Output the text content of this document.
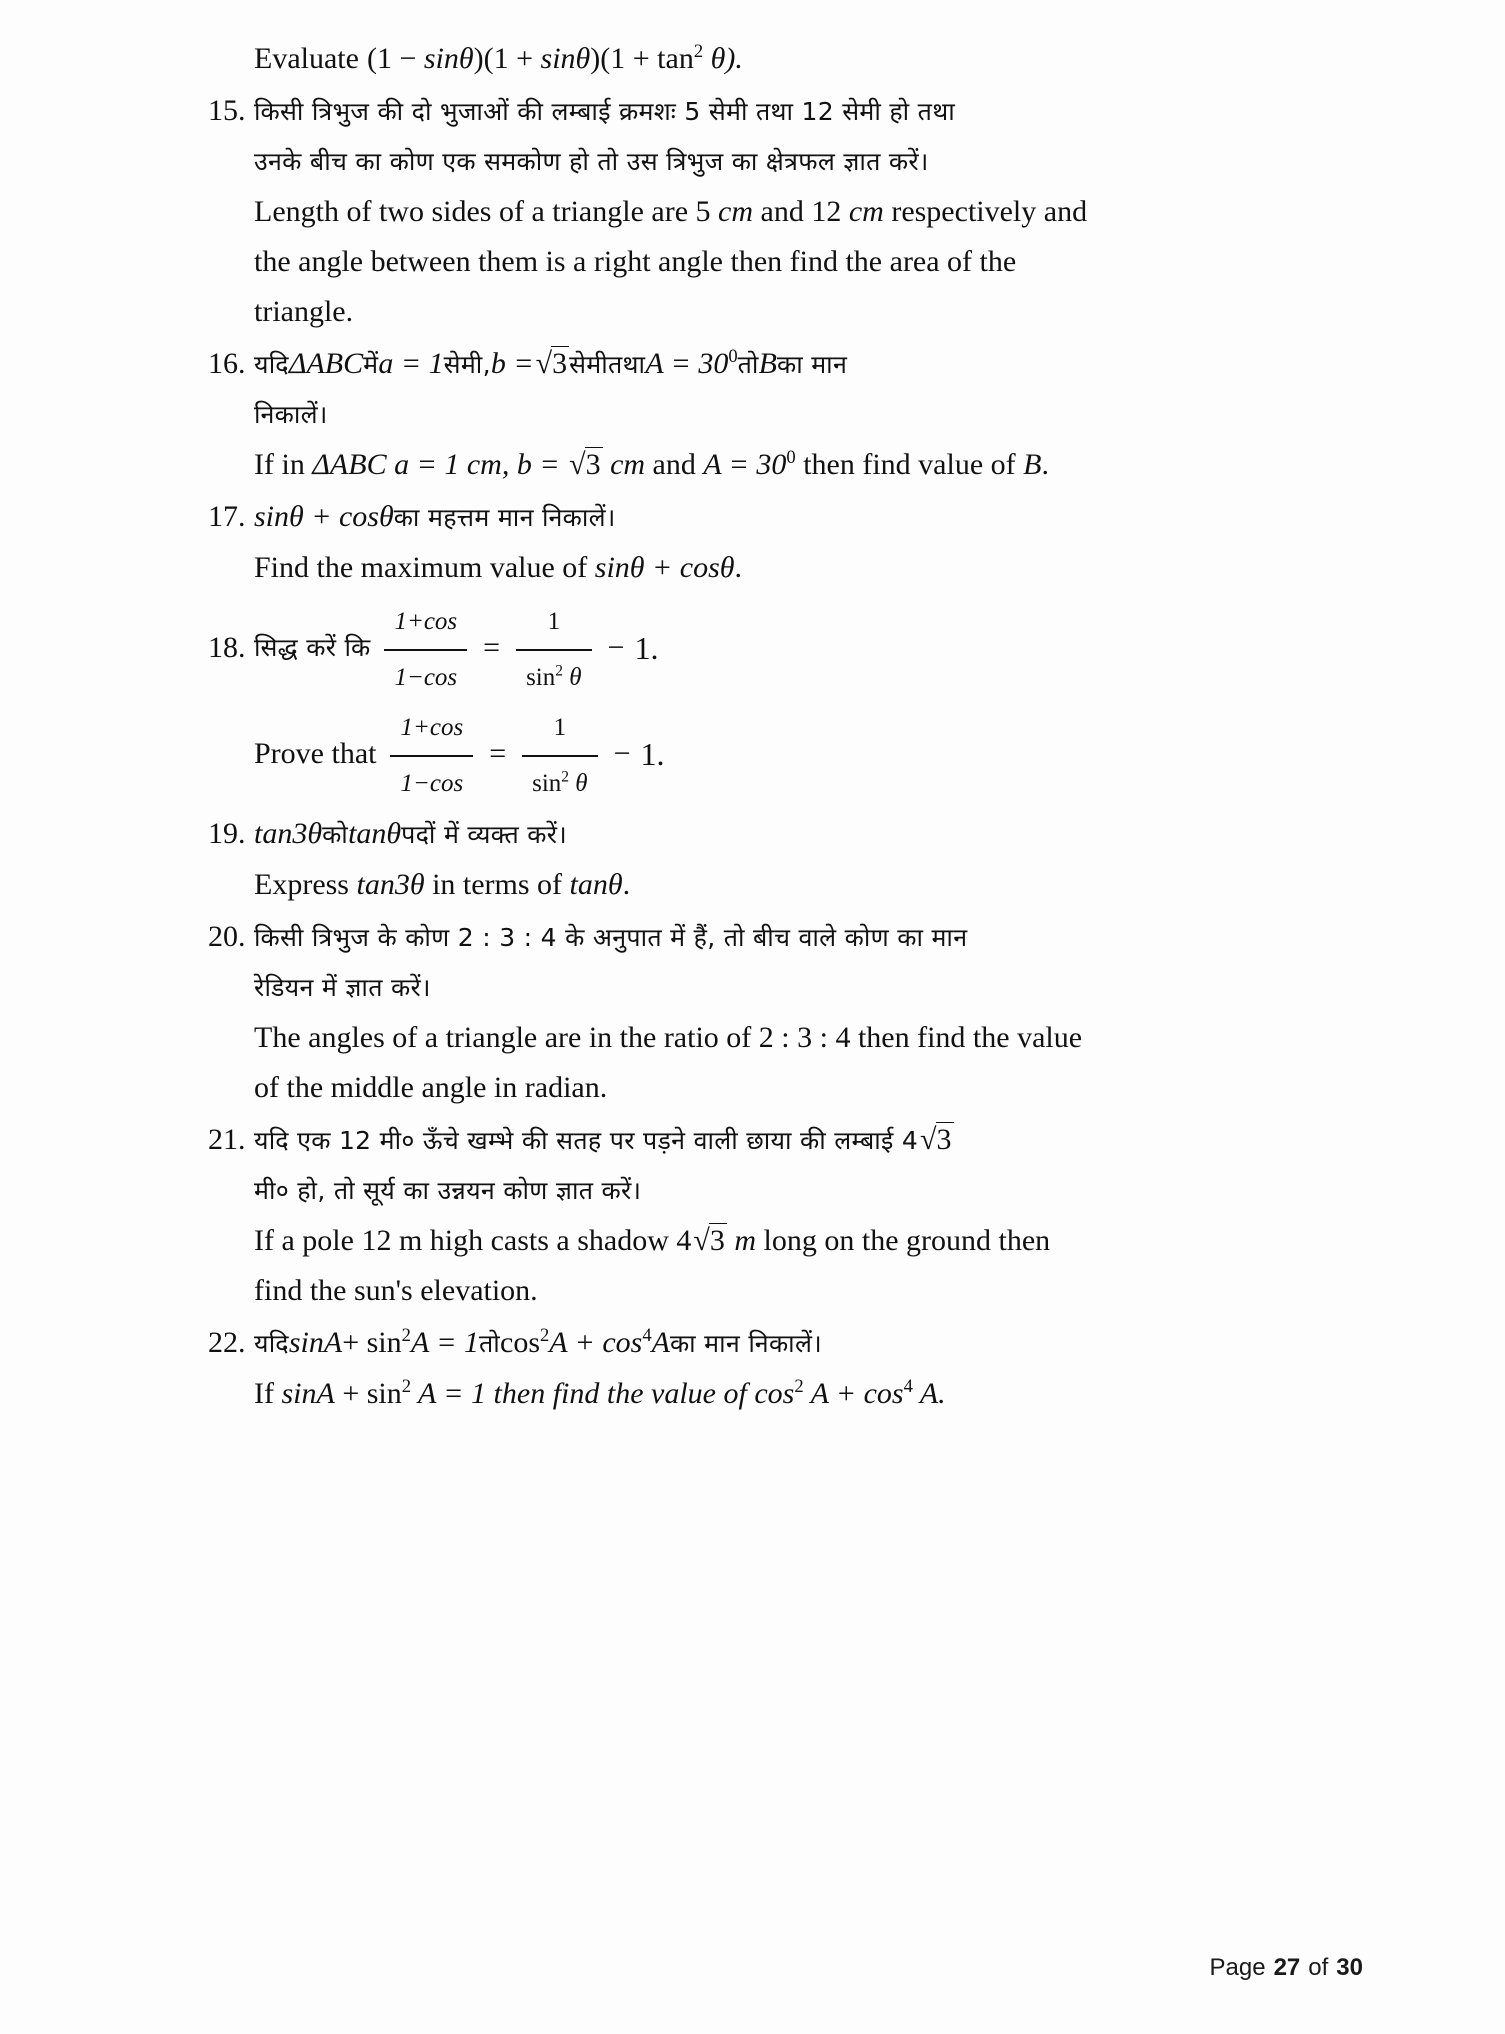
Evaluate $(1 - \sin\theta)(1 + \sin\theta)(1 + \tan^2 \theta)$.
15. किसी त्रिभुज की दो भुजाओं की लम्बाई क्रमशः 5 सेमी तथा 12 सेमी हो तथा
उनके बीच का कोण एक समकोण हो तो उस त्रिभुज का क्षेत्रफल ज्ञात करें।
Length of two sides of a triangle are 5 cm and 12 cm respectively and
the angle between them is a right angle then find the area of the
triangle.
16. यदि ΔABC में a = 1 सेमी, b = √3 सेमी तथा A = 30 $^0$ तो B का मान
निकालें।
If in ΔABC a = 1 cm, b = √3 cm and $A = 30^0$ then find value of B.
17. sinθ + cosθ का महत्तम मान निकालें।
Find the maximum value of sinθ + cosθ.
18. सिद्ध करें कि $\frac{1+\cos}{1-\cos} = \frac{1}{\sin^2 \theta} - 1$.
Prove that $\frac{1+\cos}{1-\cos} = \frac{1}{\sin^2 \theta} - 1$.
19. tan3θ को tanθ पदों में व्यक्त करें।
Express tan3θ in terms of tanθ.
20. किसी त्रिभुज के कोण 2 : 3 : 4 के अनुपात में हैं, तो बीच वाले कोण का मान
रेडियन में ज्ञात करें।
The angles of a triangle are in the ratio of 2 : 3 : 4 then find the value
of the middle angle in radian.
21. यदि एक 12 मी० ऊँचे खम्भे की सतह पर पड़ने वाली छाया की लम्बाई 4 √3
मी० हो, तो सूर्य का उन्नयन कोण ज्ञात करें।
If a pole 12 m high casts a shadow 4√3 m long on the ground then
find the sun's elevation.
22. यदि sinA + sin $^2$ A = 1 तो cos $^2$ A + cos $^4$ A का मान निकालें।
If $\sin A + \sin^2 A = 1$ then find the value of $\cos^2 A + \cos^4 A$.
Page 27 of 30
